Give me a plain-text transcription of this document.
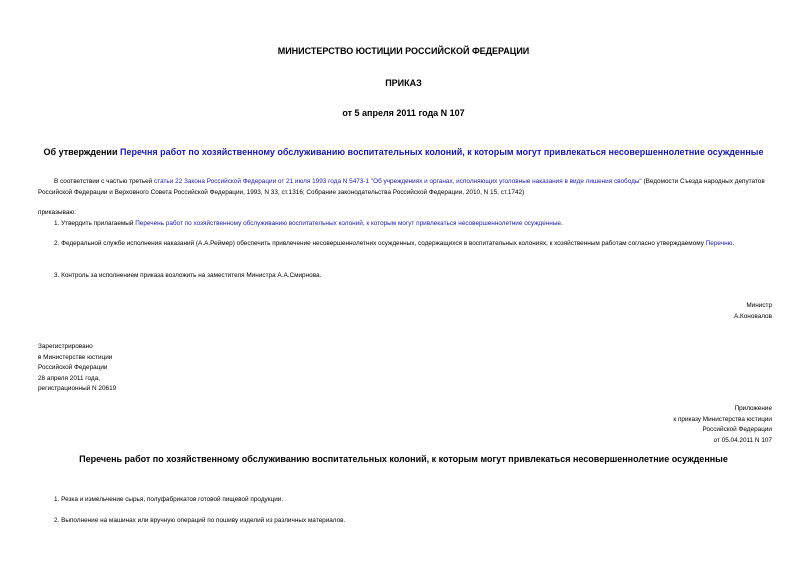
МИНИСТЕРСТВО ЮСТИЦИИ РОССИЙСКОЙ ФЕДЕРАЦИИ
ПРИКАЗ
от 5 апреля 2011 года N 107
Об утверждении Перечня работ по хозяйственному обслуживанию воспитательных колоний, к которым могут привлекаться несовершеннолетние осужденные

В соответствии с частью третьей статьи 22 Закона Российской Федерации от 21 июля 1993 года N 5473-1 "Об учреждениях и органах, исполняющих уголовные наказания в виде лишения свободы" (Ведомости Съезда народных депутатов Российской Федерации и Верховного Совета Российской Федерации, 1993, N 33, ст.1316; Собрание законодательства Российской Федерации, 2010, N 15, ст.1742)

приказываю:
1. Утвердить прилагаемый Перечень работ по хозяйственному обслуживанию воспитательных колоний, к которым могут привлекаться несовершеннолетние осужденные.

2. Федеральной службе исполнения наказаний (А.А.Реймер) обеспечить привлечение несовершеннолетних осужденных, содержащихся в воспитательных колониях, к хозяйственным работам согласно утверждаемому Перечню.

3. Контроль за исполнением приказа возложить на заместителя Министра А.А.Смирнова.
Министр
А.Коновалов
Зарегистрировано
в Министерстве юстиции
Российской Федерации
28 апреля 2011 года,
регистрационный N 20619
Приложение
к приказу Министерства юстиции
Российской Федерации
от 05.04.2011 N 107
Перечень работ по хозяйственному обслуживанию воспитательных колоний, к которым могут привлекаться несовершеннолетние осужденные
1. Резка и измельчение сырья, полуфабрикатов готовой пищевой продукции.
2. Выполнение на машинах или вручную операций по пошиву изделий из различных материалов.
